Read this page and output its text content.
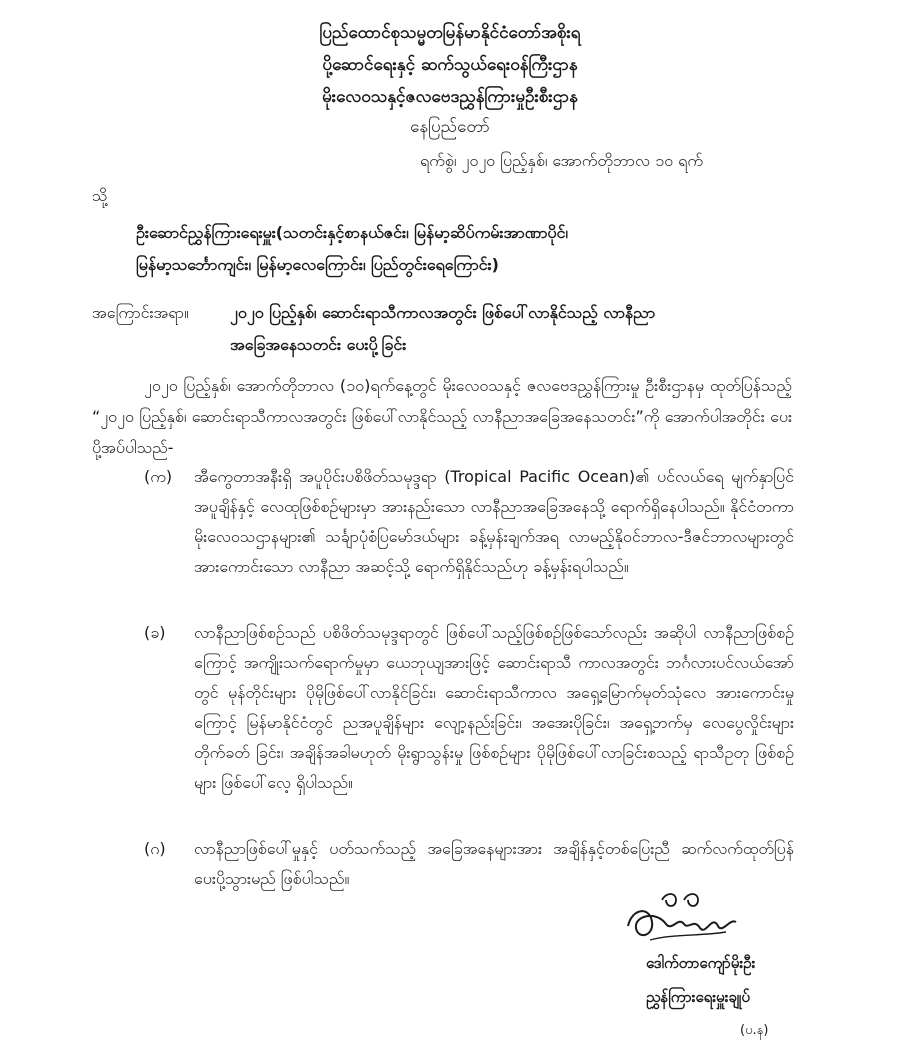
ပြည်ထောင်စုသမ္မတမြန်မာနိုင်ငံတော်အစိုးရ
ပို့ဆောင်ရေးနှင့် ဆက်သွယ်ရေးဝန်ကြီးဌာန
မိုးလေဝသနှင့်ဇလဗေဒညွှန်ကြားမှုဦးစီးဌာန
နေပြည်တော်
ရက်စွဲ၊ ၂၀၂၀ ပြည့်နှစ်၊ အောက်တိုဘာလ ၁၀ ရက်
သို့
ဦးဆောင်ညွှန်ကြားရေးမှူး(သတင်းနှင့်စာနယ်ဇင်း၊ မြန်မာ့ဆိပ်ကမ်းအာဏာပိုင်၊
မြန်မာ့သင်္ဘောကျင်း၊ မြန်မာ့လေကြောင်း၊ ပြည်တွင်းရေကြောင်း)
အကြောင်းအရာ။	၂၀၂၀ ပြည့်နှစ်၊ ဆောင်းရာသီကာလအတွင်း ဖြစ်ပေါ်လာနိုင်သည့် လာနီညာ
အခြေအနေသတင်း ပေးပို့ခြင်း
၂၀၂၀ ပြည့်နှစ်၊ အောက်တိုဘာလ (၁၀)ရက်နေ့တွင် မိုးလေဝသနှင့် ဇလဗေဒညွှန်ကြားမှု ဦးစီးဌာနမှ ထုတ်ပြန်သည့် “၂၀၂၀ ပြည့်နှစ်၊ ဆောင်းရာသီကာလအတွင်း ဖြစ်ပေါ်လာနိုင်သည့် လာနီညာအခြေအနေသတင်း”ကို အောက်ပါအတိုင်း ပေးပို့အပ်ပါသည်-
(က) အီကွေတာအနီးရှိ အပူပိုင်းပစိဖိတ်သမုဒ္ဒရာ (Tropical Pacific Ocean)၏ ပင်လယ်ရေ မျက်နှာပြင် အပူချိန်နှင့် လေထုဖြစ်စဉ်များမှာ အားနည်းသော လာနီညာအခြေအနေသို့ ရောက်ရှိနေပါသည်။ နိုင်ငံတကာ မိုးလေဝသဌာနများ၏ သင်္ချာပုံစံပြမော်ဒယ်များ ခန့်မှန်းချက်အရ လာမည့်နိုဝင်ဘာလ-ဒီဇင်ဘာလများတွင် အားကောင်းသော လာနီညာ အဆင့်သို့ ရောက်ရှိနိုင်သည်ဟု ခန့်မှန်းရပါသည်။
(ခ) လာနီညာဖြစ်စဉ်သည် ပစိဖိတ်သမုဒ္ဒရာတွင် ဖြစ်ပေါ်သည့်ဖြစ်စဉ်ဖြစ်သော်လည်း အဆိုပါ လာနီညာဖြစ်စဉ်ကြောင့် အကျိုးသက်ရောက်မှုမှာ ယေဘုယျအားဖြင့် ဆောင်းရာသီ ကာလအတွင်း ဘင်္ဂလားပင်လယ်အော်တွင် မုန်တိုင်းများ ပိုမိုဖြစ်ပေါ်လာနိုင်ခြင်း၊ ဆောင်းရာသီကာလ အရှေ့မြောက်မုတ်သုံလေ အားကောင်းမှုကြောင့် မြန်မာနိုင်ငံတွင် ညအပူချိန်များ လျော့နည်းခြင်း၊ အအေးပိုခြင်း၊ အရှေ့ဘက်မှ လေပွေလှိုင်းများ တိုက်ခတ် ခြင်း၊ အချိန်အခါမဟုတ် မိုးရွာသွန်းမှု ဖြစ်စဉ်များ ပိုမိုဖြစ်ပေါ်လာခြင်းစသည့် ရာသီဥတု ဖြစ်စဉ်များ ဖြစ်ပေါ်လေ့ ရှိပါသည်။
(ဂ) လာနီညာဖြစ်ပေါ်မှုနှင့် ပတ်သက်သည့် အခြေအနေများအား အချိန်နှင့်တစ်ပြေးညီ ဆက်လက်ထုတ်ပြန် ပေးပို့သွားမည် ဖြစ်ပါသည်။
ဒေါက်တာကျော်မိုးဦး
ညွှန်ကြားရေးမှူးချုပ်
(ပ.န)
